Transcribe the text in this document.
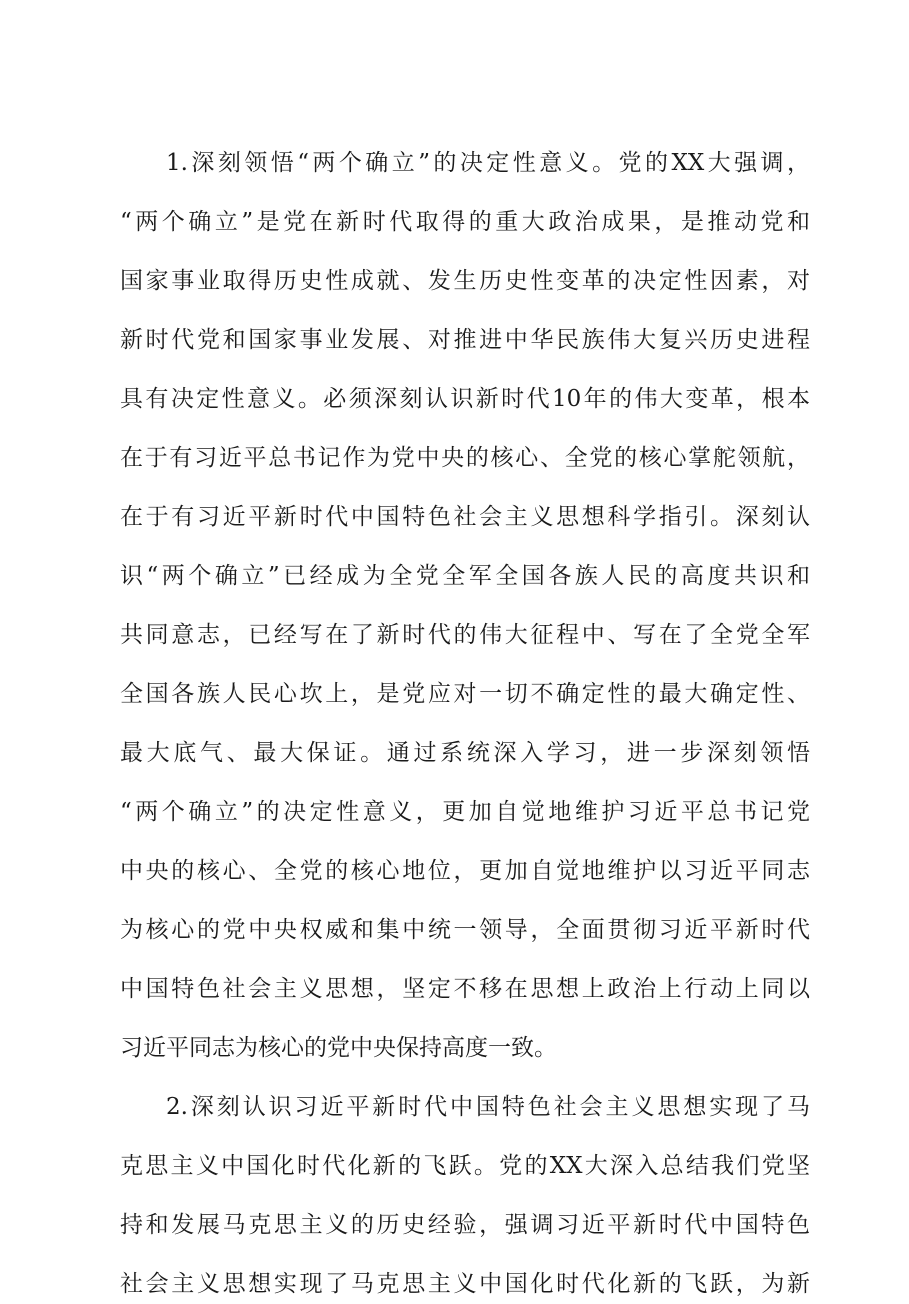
1.深刻领悟“两个确立”的决定性意义。党的XX大强调，
“两个确立”是党在新时代取得的重大政治成果，是推动党和
国家事业取得历史性成就、发生历史性变革的决定性因素，对
新时代党和国家事业发展、对推进中华民族伟大复兴历史进程
具有决定性意义。必须深刻认识新时代10年的伟大变革，根本
在于有习近平总书记作为党中央的核心、全党的核心掌舵领航，
在于有习近平新时代中国特色社会主义思想科学指引。深刻认
识“两个确立”已经成为全党全军全国各族人民的高度共识和
共同意志，已经写在了新时代的伟大征程中、写在了全党全军
全国各族人民心坎上，是党应对一切不确定性的最大确定性、
最大底气、最大保证。通过系统深入学习，进一步深刻领悟
“两个确立”的决定性意义，更加自觉地维护习近平总书记党
中央的核心、全党的核心地位，更加自觉地维护以习近平同志
为核心的党中央权威和集中统一领导，全面贯彻习近平新时代
中国特色社会主义思想，坚定不移在思想上政治上行动上同以
习近平同志为核心的党中央保持高度一致。
2.深刻认识习近平新时代中国特色社会主义思想实现了马
克思主义中国化时代化新的飞跃。党的XX大深入总结我们党坚
持和发展马克思主义的历史经验，强调习近平新时代中国特色
社会主义思想实现了马克思主义中国化时代化新的飞跃，为新
